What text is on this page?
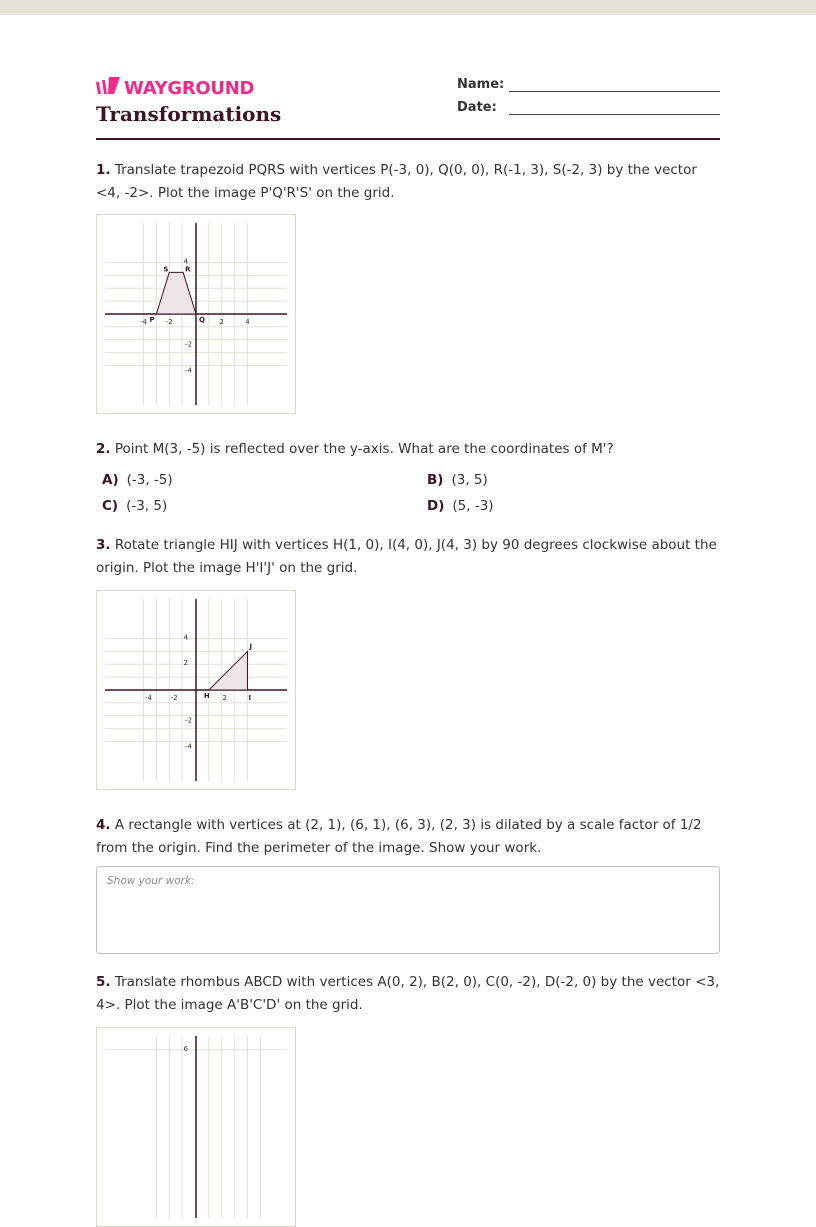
WAYGROUND
Transformations
Name:
Date:
1. Translate trapezoid PQRS with vertices P(-3, 0), Q(0, 0), R(-1, 3), S(-2, 3) by the vector <4, -2>. Plot the image P'Q'R'S' on the grid.
-4	-2	2	4
4
-2
-4
P	Q
R
S
2. Point M(3, -5) is reflected over the y-axis. What are the coordinates of M'?
A) (-3, -5)	B) (3, 5)
C) (-3, 5)	D) (5, -3)
3. Rotate triangle HIJ with vertices H(1, 0), I(4, 0), J(4, 3) by 90 degrees clockwise about the origin. Plot the image H'I'J' on the grid.
-4	-2	2
4
2
-2
-4
H	I
J
4. A rectangle with vertices at (2, 1), (6, 1), (6, 3), (2, 3) is dilated by a scale factor of 1/2 from the origin. Find the perimeter of the image. Show your work.
Show your work:
5. Translate rhombus ABCD with vertices A(0, 2), B(2, 0), C(0, -2), D(-2, 0) by the vector <3, 4>. Plot the image A'B'C'D' on the grid.
6
